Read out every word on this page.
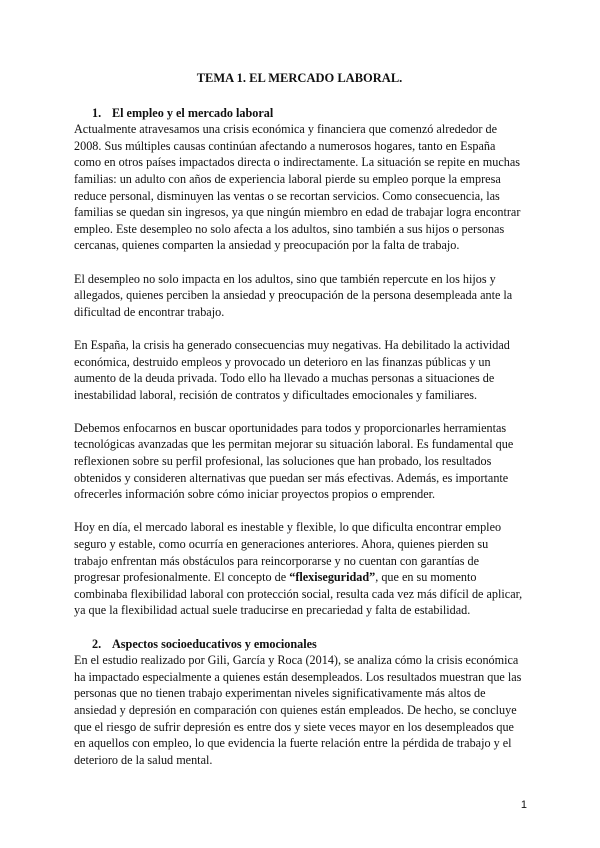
TEMA 1. EL MERCADO LABORAL.
1. El empleo y el mercado laboral

Actualmente atravesamos una crisis económica y financiera que comenzó alrededor de 2008. Sus múltiples causas continúan afectando a numerosos hogares, tanto en España como en otros países impactados directa o indirectamente. La situación se repite en muchas familias: un adulto con años de experiencia laboral pierde su empleo porque la empresa reduce personal, disminuyen las ventas o se recortan servicios. Como consecuencia, las familias se quedan sin ingresos, ya que ningún miembro en edad de trabajar logra encontrar empleo. Este desempleo no solo afecta a los adultos, sino también a sus hijos o personas cercanas, quienes comparten la ansiedad y preocupación por la falta de trabajo.

El desempleo no solo impacta en los adultos, sino que también repercute en los hijos y allegados, quienes perciben la ansiedad y preocupación de la persona desempleada ante la dificultad de encontrar trabajo.

En España, la crisis ha generado consecuencias muy negativas. Ha debilitado la actividad económica, destruido empleos y provocado un deterioro en las finanzas públicas y un aumento de la deuda privada. Todo ello ha llevado a muchas personas a situaciones de inestabilidad laboral, recisión de contratos y dificultades emocionales y familiares.

Debemos enfocarnos en buscar oportunidades para todos y proporcionarles herramientas tecnológicas avanzadas que les permitan mejorar su situación laboral. Es fundamental que reflexionen sobre su perfil profesional, las soluciones que han probado, los resultados obtenidos y consideren alternativas que puedan ser más efectivas. Además, es importante ofrecerles información sobre cómo iniciar proyectos propios o emprender.

Hoy en día, el mercado laboral es inestable y flexible, lo que dificulta encontrar empleo seguro y estable, como ocurría en generaciones anteriores. Ahora, quienes pierden su trabajo enfrentan más obstáculos para reincorporarse y no cuentan con garantías de progresar profesionalmente. El concepto de “flexiseguridad”, que en su momento combinaba flexibilidad laboral con protección social, resulta cada vez más difícil de aplicar, ya que la flexibilidad actual suele traducirse en precariedad y falta de estabilidad.

2. Aspectos socioeducativos y emocionales

En el estudio realizado por Gili, García y Roca (2014), se analiza cómo la crisis económica ha impactado especialmente a quienes están desempleados. Los resultados muestran que las personas que no tienen trabajo experimentan niveles significativamente más altos de ansiedad y depresión en comparación con quienes están empleados. De hecho, se concluye que el riesgo de sufrir depresión es entre dos y siete veces mayor en los desempleados que en aquellos con empleo, lo que evidencia la fuerte relación entre la pérdida de trabajo y el deterioro de la salud mental.

1
